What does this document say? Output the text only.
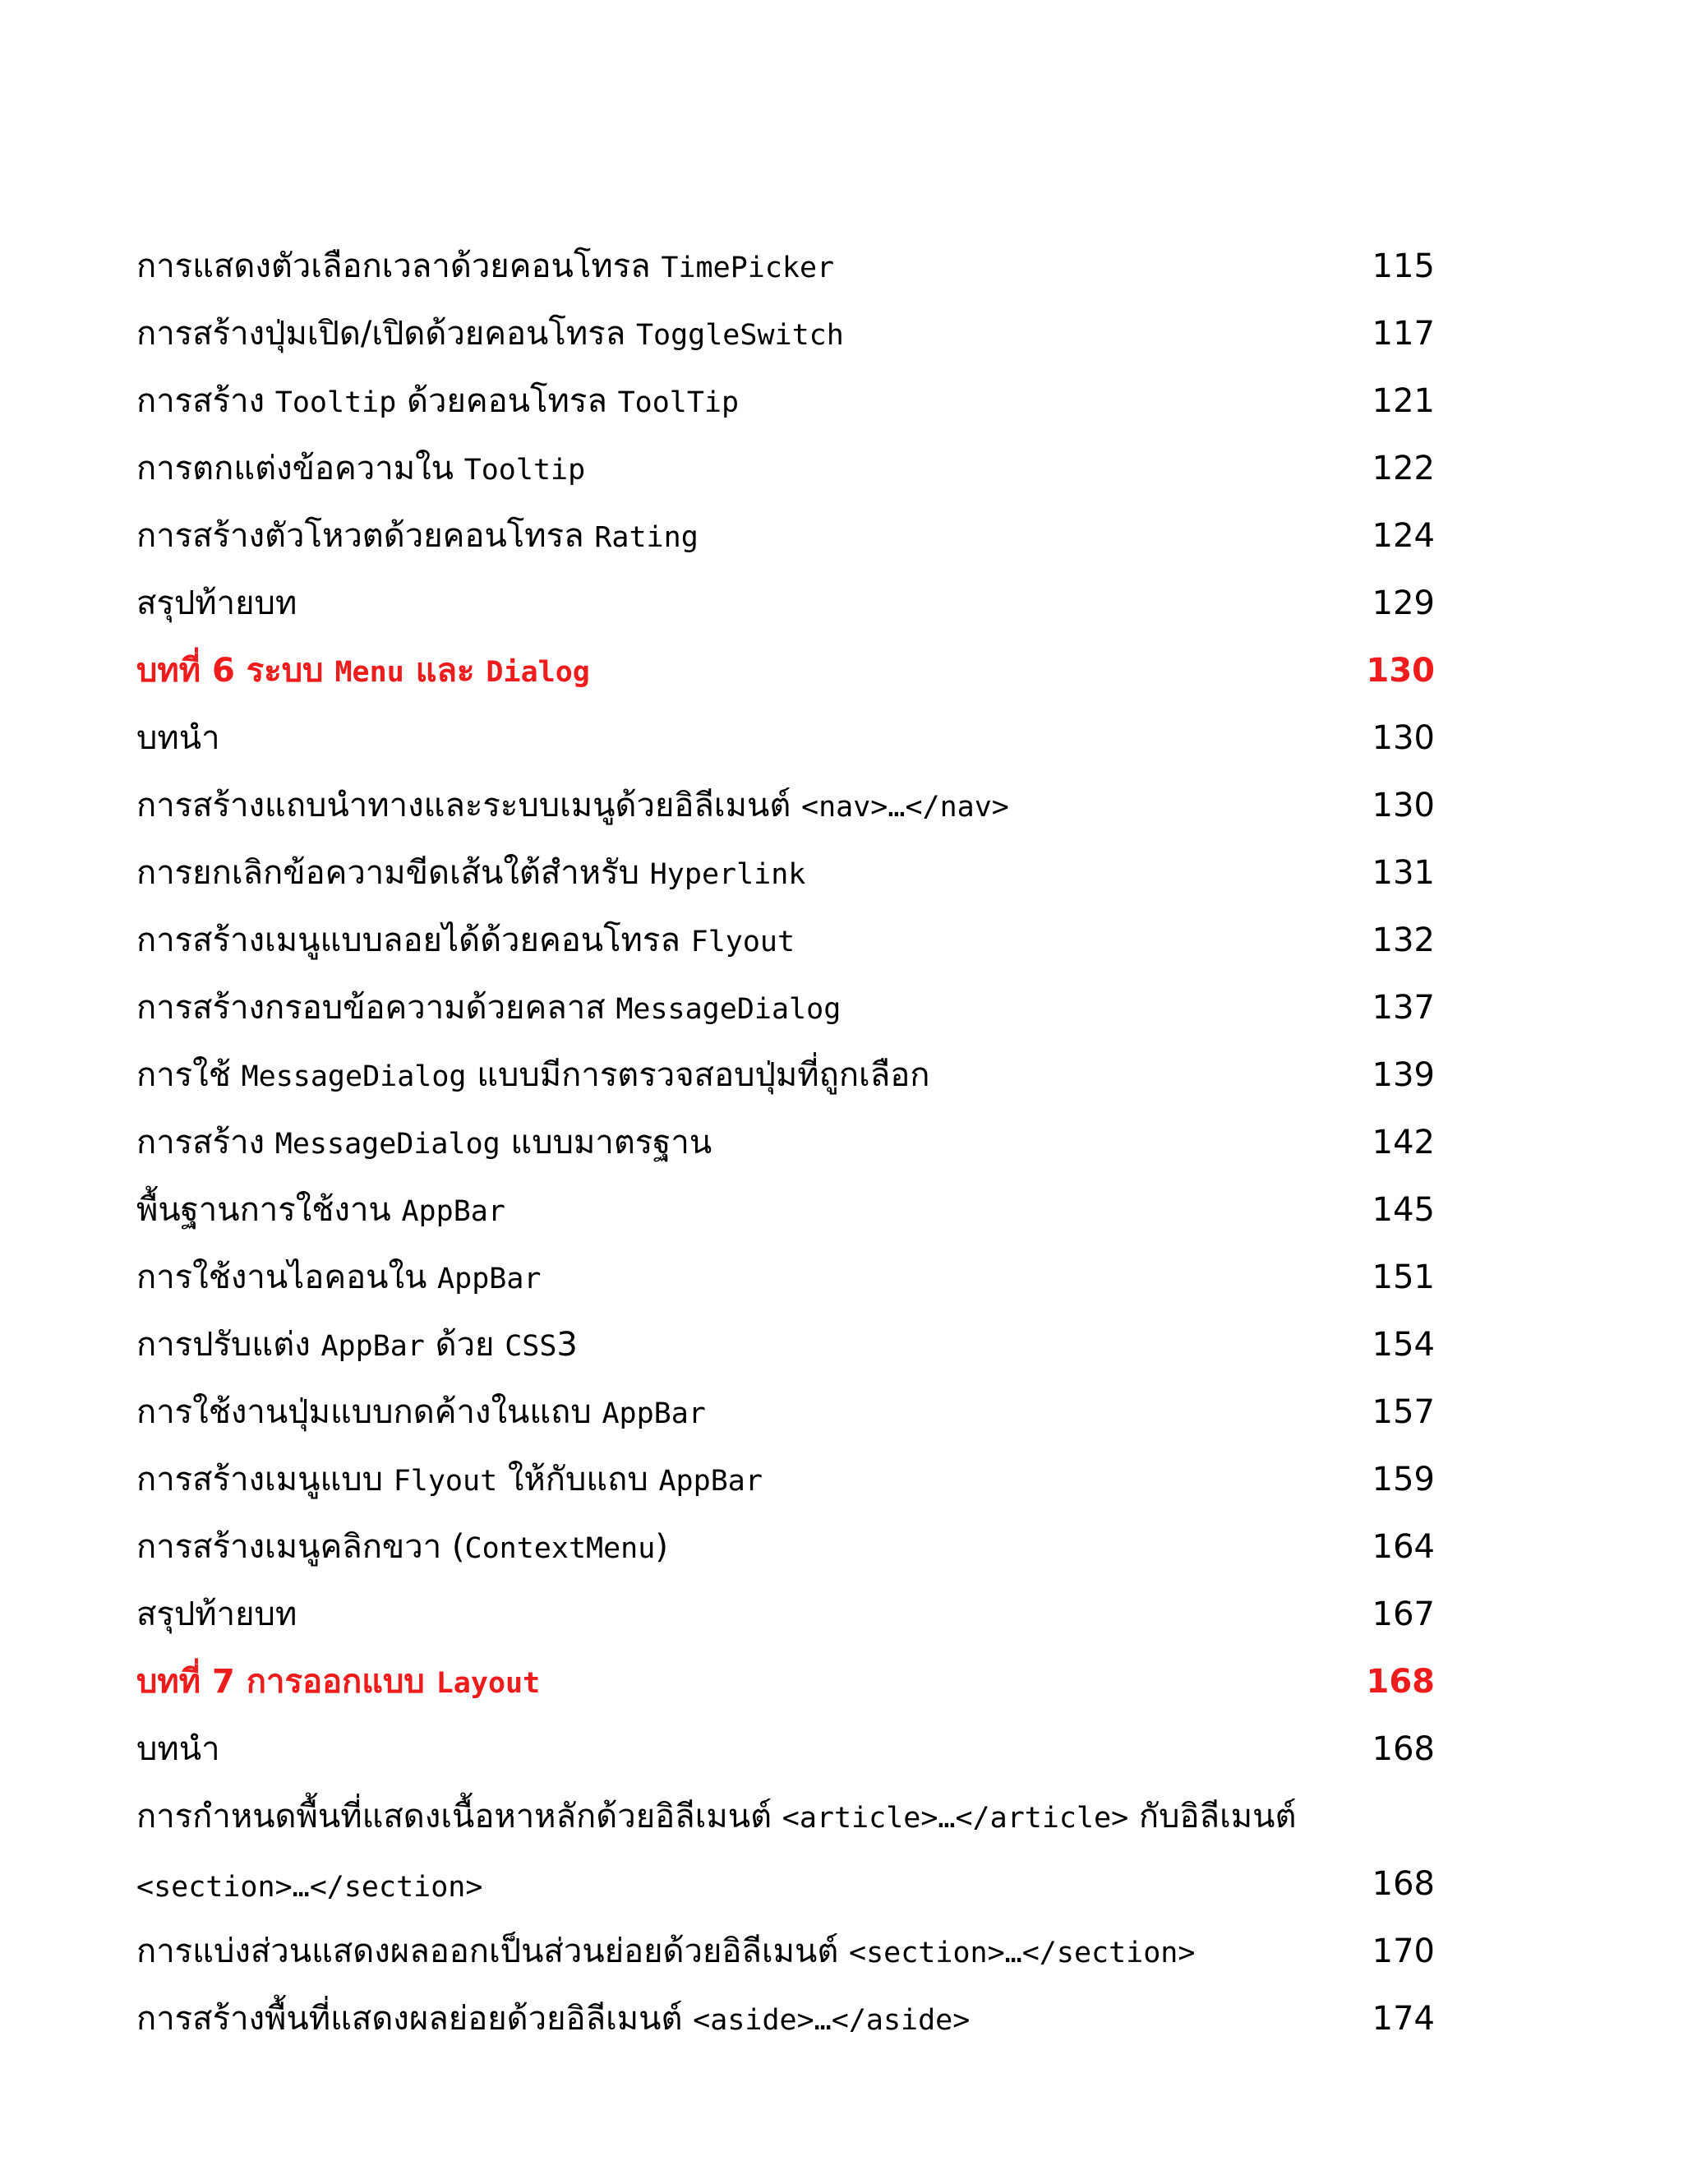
การแสดงตัวเลือกเวลาด้วยคอนโทรล TimePicker	115
การสร้างปุ่มเปิด/เปิดด้วยคอนโทรล ToggleSwitch	117
การสร้าง Tooltip ด้วยคอนโทรล ToolTip	121
การตกแต่งข้อความใน Tooltip	122
การสร้างตัวโหวตด้วยคอนโทรล Rating	124
สรุปท้ายบท	129
บทที่ 6 ระบบ Menu และ Dialog	130
บทนำ	130
การสร้างแถบนำทางและระบบเมนูด้วยอิลีเมนต์ <nav>…</nav>	130
การยกเลิกข้อความขีดเส้นใต้สำหรับ Hyperlink	131
การสร้างเมนูแบบลอยได้ด้วยคอนโทรล Flyout	132
การสร้างกรอบข้อความด้วยคลาส MessageDialog	137
การใช้ MessageDialog แบบมีการตรวจสอบปุ่มที่ถูกเลือก	139
การสร้าง MessageDialog แบบมาตรฐาน	142
พื้นฐานการใช้งาน AppBar	145
การใช้งานไอคอนใน AppBar	151
การปรับแต่ง AppBar ด้วย CSS3	154
การใช้งานปุ่มแบบกดค้างในแถบ AppBar	157
การสร้างเมนูแบบ Flyout ให้กับแถบ AppBar	159
การสร้างเมนูคลิกขวา (ContextMenu)	164
สรุปท้ายบท	167
บทที่ 7 การออกแบบ Layout	168
บทนำ	168
การกำหนดพื้นที่แสดงเนื้อหาหลักด้วยอิลีเมนต์ <article>…</article> กับอิลีเมนต์ <section>…</section>	168
การแบ่งส่วนแสดงผลออกเป็นส่วนย่อยด้วยอิลีเมนต์ <section>…</section>	170
การสร้างพื้นที่แสดงผลย่อยด้วยอิลีเมนต์ <aside>…</aside>	174
